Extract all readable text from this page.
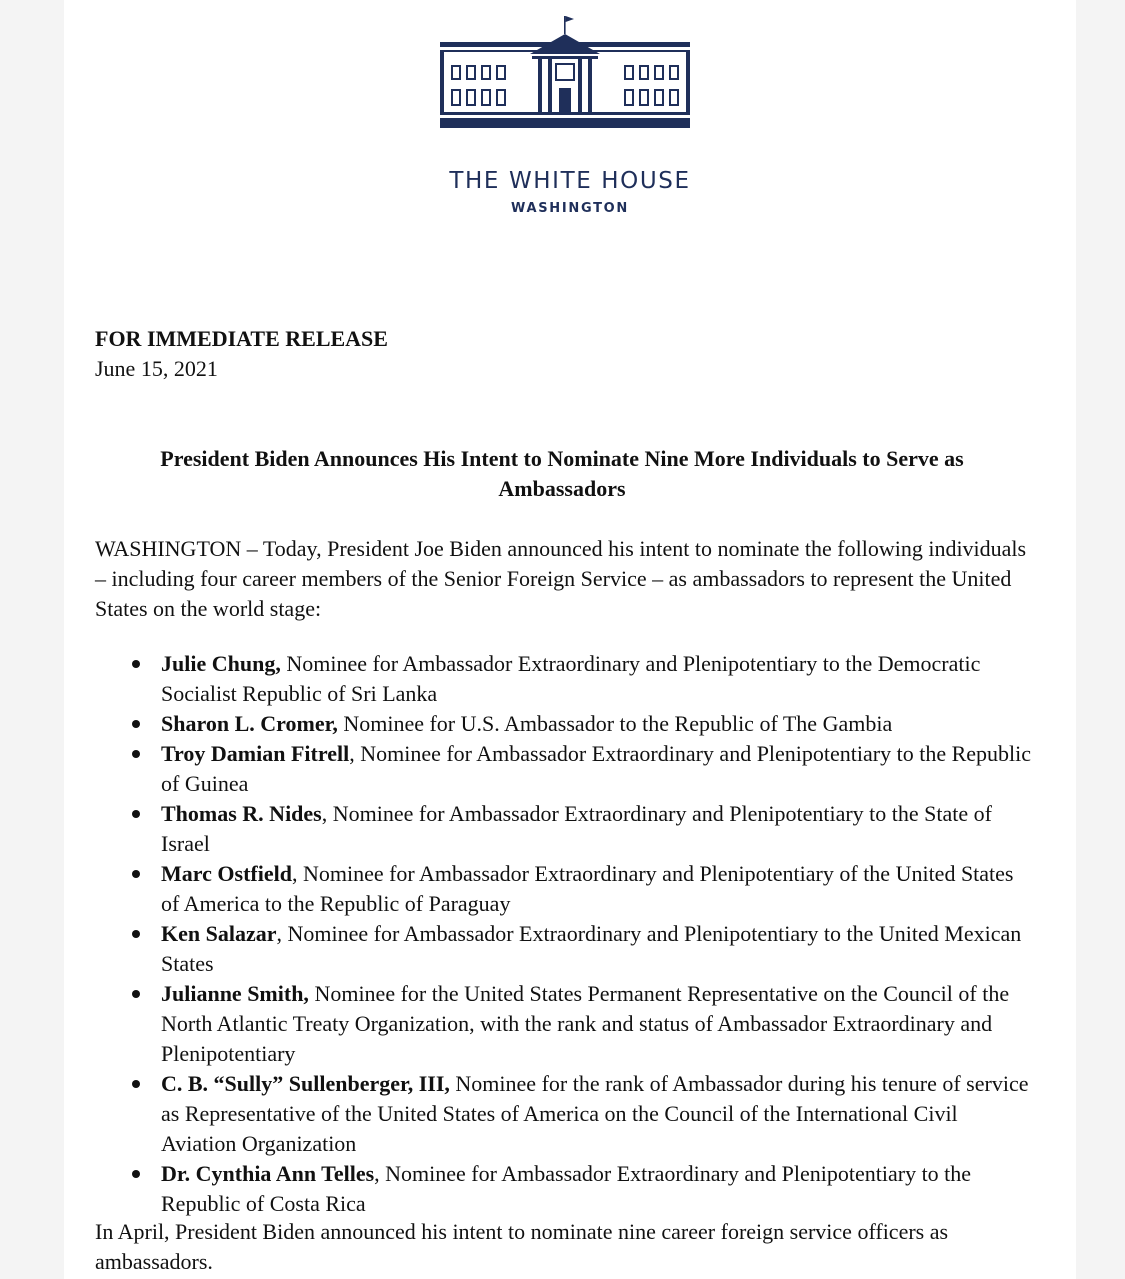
THE WHITE HOUSE
WASHINGTON
FOR IMMEDIATE RELEASE
June 15, 2021
President Biden Announces His Intent to Nominate Nine More Individuals to Serve as Ambassadors
WASHINGTON – Today, President Joe Biden announced his intent to nominate the following individuals – including four career members of the Senior Foreign Service – as ambassadors to represent the United States on the world stage:
Julie Chung, Nominee for Ambassador Extraordinary and Plenipotentiary to the Democratic Socialist Republic of Sri Lanka
Sharon L. Cromer, Nominee for U.S. Ambassador to the Republic of The Gambia
Troy Damian Fitrell, Nominee for Ambassador Extraordinary and Plenipotentiary to the Republic of Guinea
Thomas R. Nides, Nominee for Ambassador Extraordinary and Plenipotentiary to the State of Israel
Marc Ostfield, Nominee for Ambassador Extraordinary and Plenipotentiary of the United States of America to the Republic of Paraguay
Ken Salazar, Nominee for Ambassador Extraordinary and Plenipotentiary to the United Mexican States
Julianne Smith, Nominee for the United States Permanent Representative on the Council of the North Atlantic Treaty Organization, with the rank and status of Ambassador Extraordinary and Plenipotentiary
C. B. “Sully” Sullenberger, III, Nominee for the rank of Ambassador during his tenure of service as Representative of the United States of America on the Council of the International Civil Aviation Organization
Dr. Cynthia Ann Telles, Nominee for Ambassador Extraordinary and Plenipotentiary to the Republic of Costa Rica
In April, President Biden announced his intent to nominate nine career foreign service officers as ambassadors.
